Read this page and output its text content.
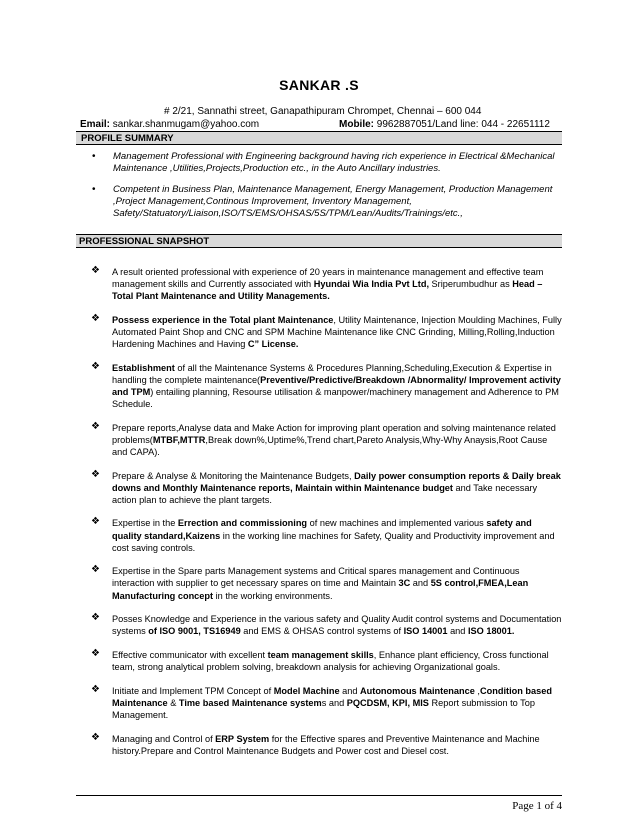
SANKAR .S
# 2/21, Sannathi street, Ganapathipuram Chrompet, Chennai – 600 044
Email: sankar.shanmugam@yahoo.com	Mobile: 9962887051/Land line: 044 - 22651112
PROFILE SUMMARY
• Management Professional with Engineering background having rich experience in Electrical &Mechanical Maintenance ,Utilities,Projects,Production etc., in the Auto Ancillary industries.
• Competent in Business Plan, Maintenance Management, Energy Management, Production Management ,Project Management,Continous Improvement, Inventory Management, Safety/Statuatory/Liaison,ISO/TS/EMS/OHSAS/5S/TPM/Lean/Audits/Trainings/etc.,
PROFESSIONAL SNAPSHOT
❖ A result oriented professional with experience of 20 years in maintenance management and effective team management skills and Currently associated with Hyundai Wia India Pvt Ltd, Sriperumbudhur as Head – Total Plant Maintenance and Utility Managements.
❖ Possess experience in the Total plant Maintenance, Utility Maintenance, Injection Moulding Machines, Fully Automated Paint Shop and CNC and SPM Machine Maintenance like CNC Grinding, Milling,Rolling,Induction Hardening Machines and Having C” License.
❖ Establishment of all the Maintenance Systems & Procedures Planning,Scheduling,Execution & Expertise in handling the complete maintenance(Preventive/Predictive/Breakdown /Abnormality/ Improvement activity and TPM) entailing planning, Resourse utilisation & manpower/machinery management and Adherence to PM Schedule.
❖ Prepare reports,Analyse data and Make Action for improving plant operation and solving maintenance related problems(MTBF,MTTR,Break down%,Uptime%,Trend chart,Pareto Analysis,Why-Why Anaysis,Root Cause and CAPA).
❖ Prepare & Analyse & Monitoring the Maintenance Budgets, Daily power consumption reports & Daily break downs and Monthly Maintenance reports, Maintain within Maintenance budget and Take necessary action plan to achieve the plant targets.
❖ Expertise in the Errection and commissioning of new machines and implemented various safety and quality standard,Kaizens in the working line machines for Safety, Quality and Productivity improvement and cost saving controls.
❖ Expertise in the Spare parts Management systems and Critical spares management and Continuous interaction with supplier to get necessary spares on time and Maintain 3C and 5S control,FMEA,Lean Manufacturing concept in the working environments.
❖ Posses Knowledge and Experience in the various safety and Quality Audit control systems and Documentation systems of ISO 9001, TS16949 and EMS & OHSAS control systems of ISO 14001 and ISO 18001.
❖ Effective communicator with excellent team management skills, Enhance plant efficiency, Cross functional team, strong analytical problem solving, breakdown analysis for achieving Organizational goals.
❖ Initiate and Implement TPM Concept of Model Machine and Autonomous Maintenance ,Condition based Maintenance & Time based Maintenance systems and PQCDSM, KPI, MIS Report submission to Top Management.
❖ Managing and Control of ERP System for the Effective spares and Preventive Maintenance and Machine history.Prepare and Control Maintenance Budgets and Power cost and Diesel cost.
Page 1 of 4
